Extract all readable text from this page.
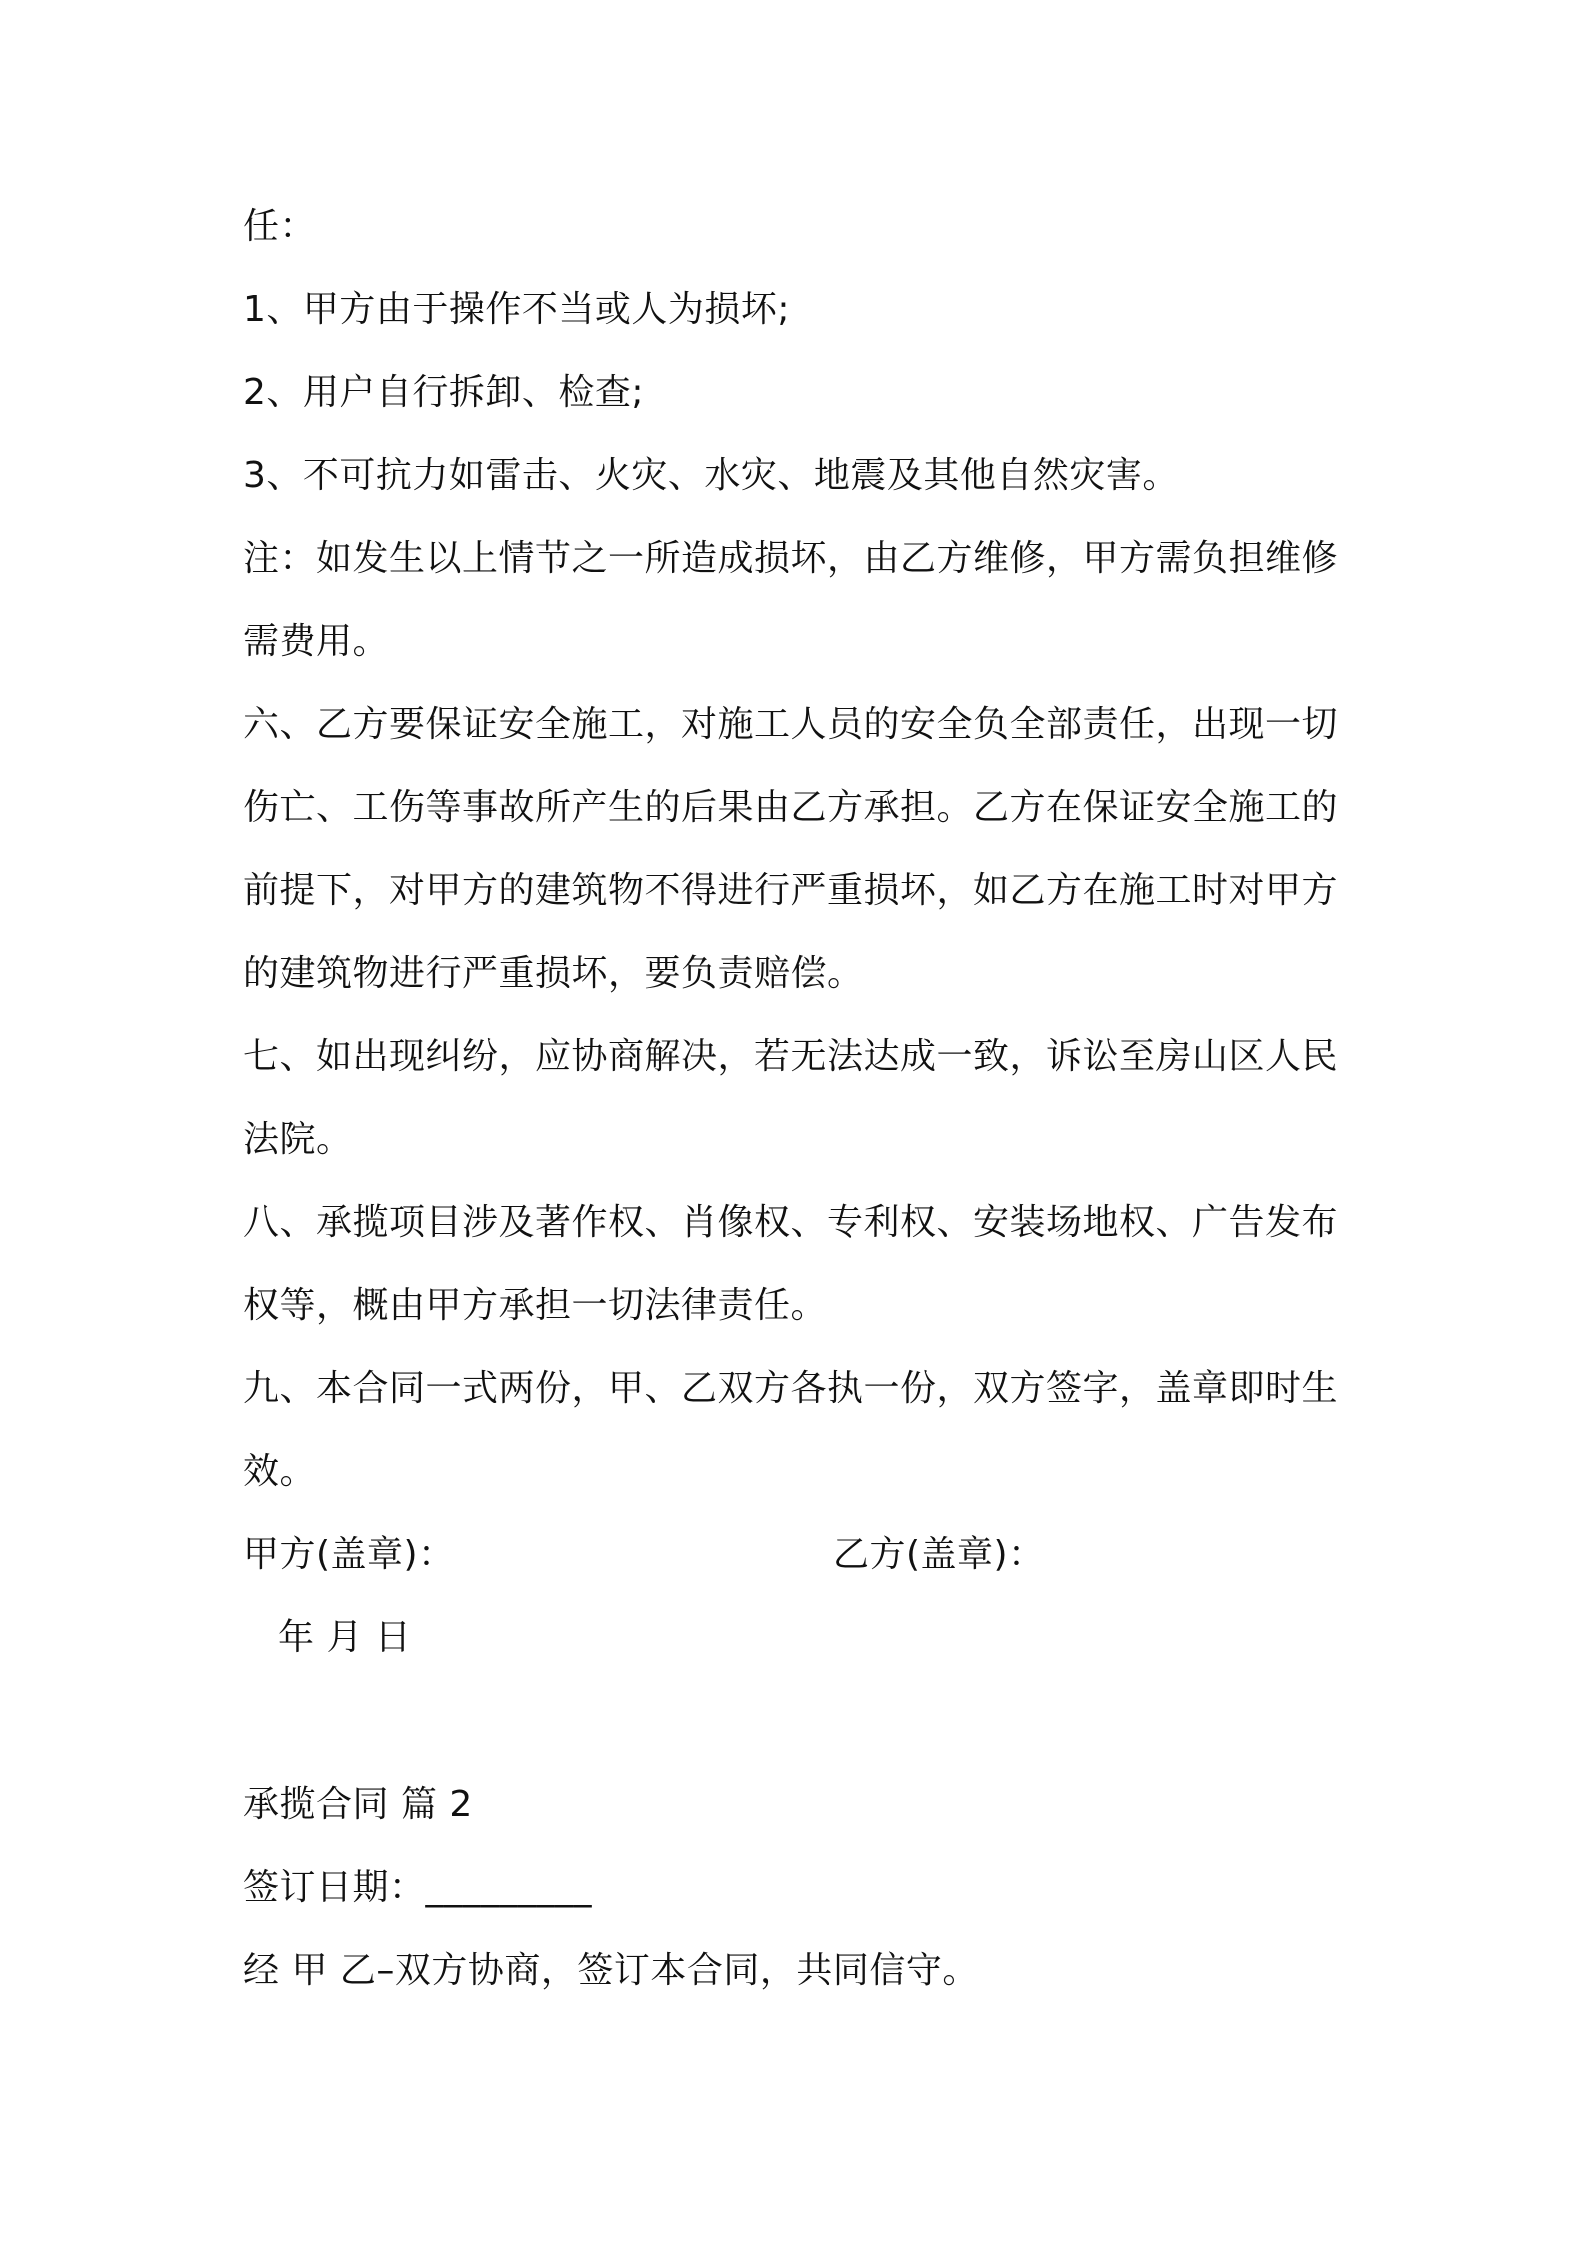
任：
1、甲方由于操作不当或人为损坏;
2、用户自行拆卸、检查;
3、不可抗力如雷击、火灾、水灾、地震及其他自然灾害。
注：如发生以上情节之一所造成损坏，由乙方维修，甲方需负担维修
需费用。
六、乙方要保证安全施工，对施工人员的安全负全部责任，出现一切
伤亡、工伤等事故所产生的后果由乙方承担。乙方在保证安全施工的
前提下，对甲方的建筑物不得进行严重损坏，如乙方在施工时对甲方
的建筑物进行严重损坏，要负责赔偿。
七、如出现纠纷，应协商解决，若无法达成一致，诉讼至房山区人民
法院。
八、承揽项目涉及著作权、肖像权、专利权、安装场地权、广告发布
权等，概由甲方承担一切法律责任。
九、本合同一式两份，甲、乙双方各执一份，双方签字，盖章即时生
效。
甲方(盖章)：	乙方(盖章)：
年 月 日
承揽合同 篇 2
签订日期：_________
经 甲 乙–双方协商，签订本合同，共同信守。
